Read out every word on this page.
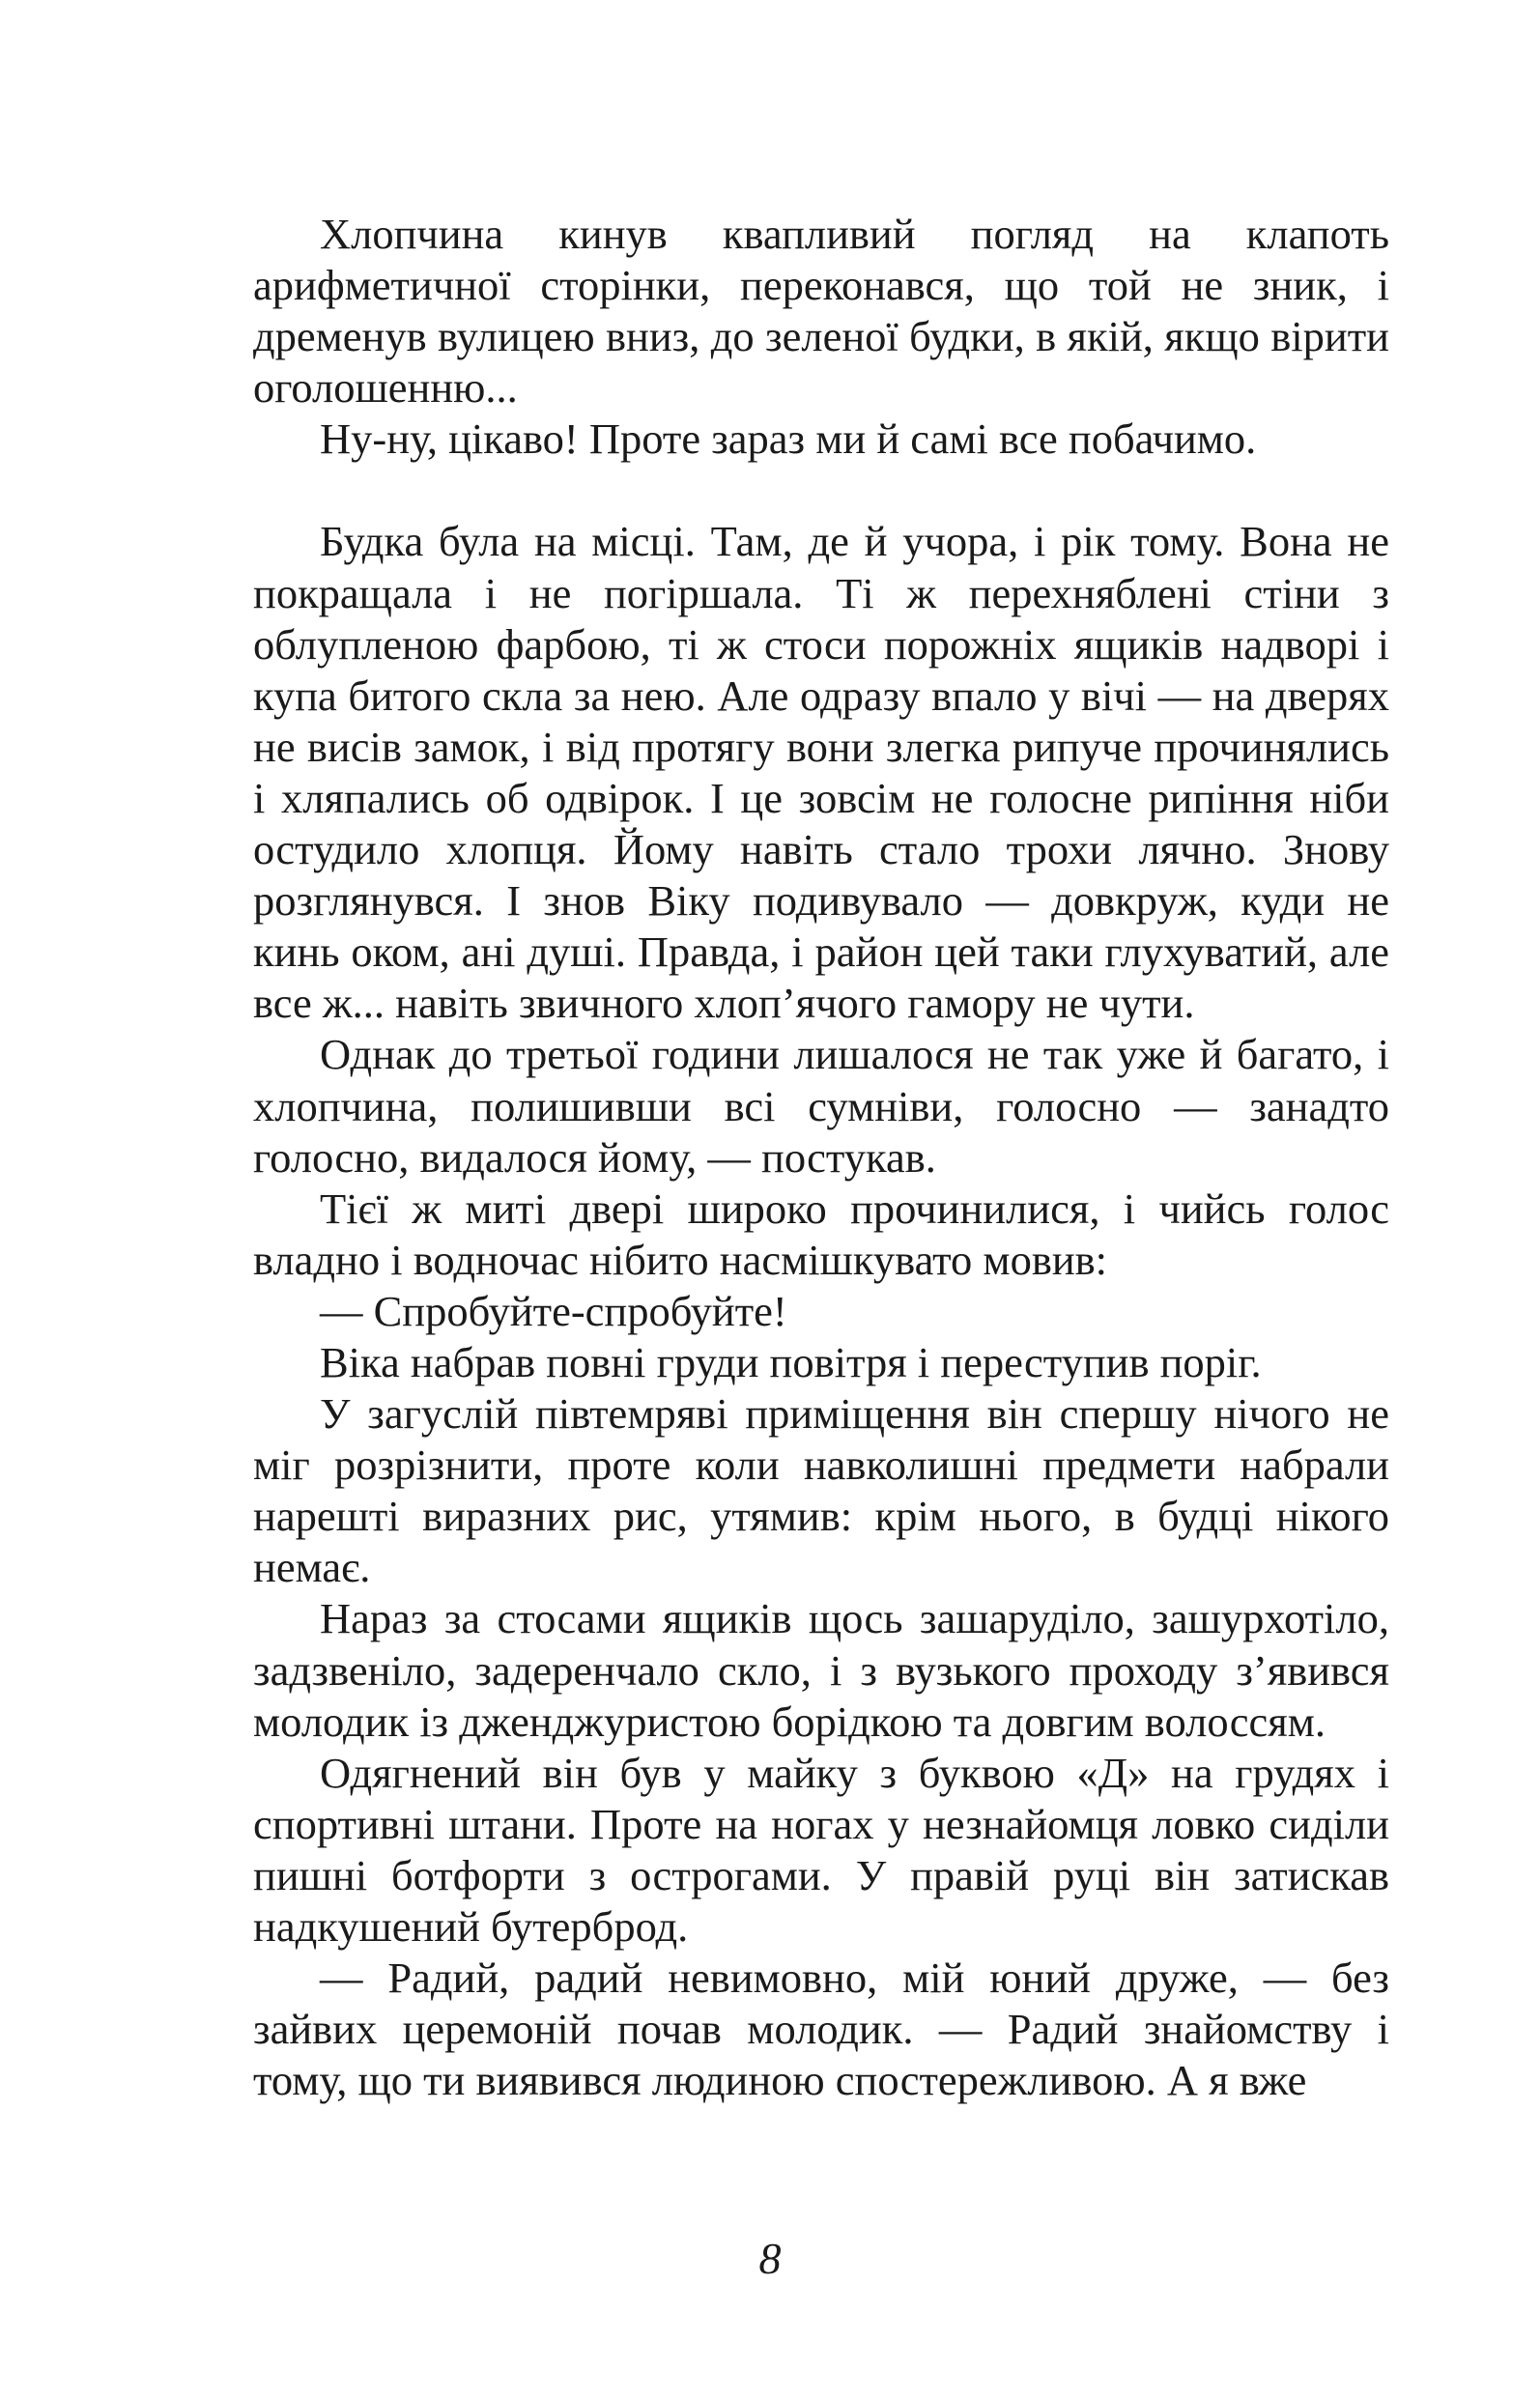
Хлопчина кинув квапливий погляд на клапоть арифметичної сторінки, переконався, що той не зник, і дременув вулицею вниз, до зеленої будки, в якій, якщо вірити оголошенню...

Ну-ну, цікаво! Проте зараз ми й самі все побачимо.

Будка була на місці. Там, де й учора, і рік тому. Вона не покращала і не погіршала. Ті ж перехняблені стіни з облупленою фарбою, ті ж стоси порожніх ящиків надворі і купа битого скла за нею. Але одразу впало у вічі — на дверях не висів замок, і від протягу вони злегка рипуче прочинялись і хляпались об одвірок. І це зовсім не голосне рипіння ніби остудило хлопця. Йому навіть стало трохи лячно. Знову розглянувся. І знов Віку подивувало — довкруж, куди не кинь оком, ані душі. Правда, і район цей таки глухуватий, але все ж... навіть звичного хлоп’ячого гамору не чути.

Однак до третьої години лишалося не так уже й багато, і хлопчина, полишивши всі сумніви, голосно — занадто голосно, видалося йому, — постукав.

Тієї ж миті двері широко прочинилися, і чийсь голос владно і водночас нібито насмішкувато мовив:

— Спробуйте-спробуйте!

Віка набрав повні груди повітря і переступив поріг.

У загуслій півтемряві приміщення він спершу нічого не міг розрізнити, проте коли навколишні предмети набрали нарешті виразних рис, утямив: крім нього, в будці нікого немає.

Нараз за стосами ящиків щось зашаруділо, зашурхотіло, задзвеніло, задеренчало скло, і з вузького проходу з’явився молодик із дженджуристою борідкою та довгим волоссям.

Одягнений він був у майку з буквою «Д» на грудях і спортивні штани. Проте на ногах у незнайомця ловко сиділи пишні ботфорти з острогами. У правій руці він затискав надкушений бутерброд.

— Радий, радий невимовно, мій юний друже, — без зайвих церемоній почав молодик. — Радий знайомству і тому, що ти виявився людиною спостережливою. А я вже

8
